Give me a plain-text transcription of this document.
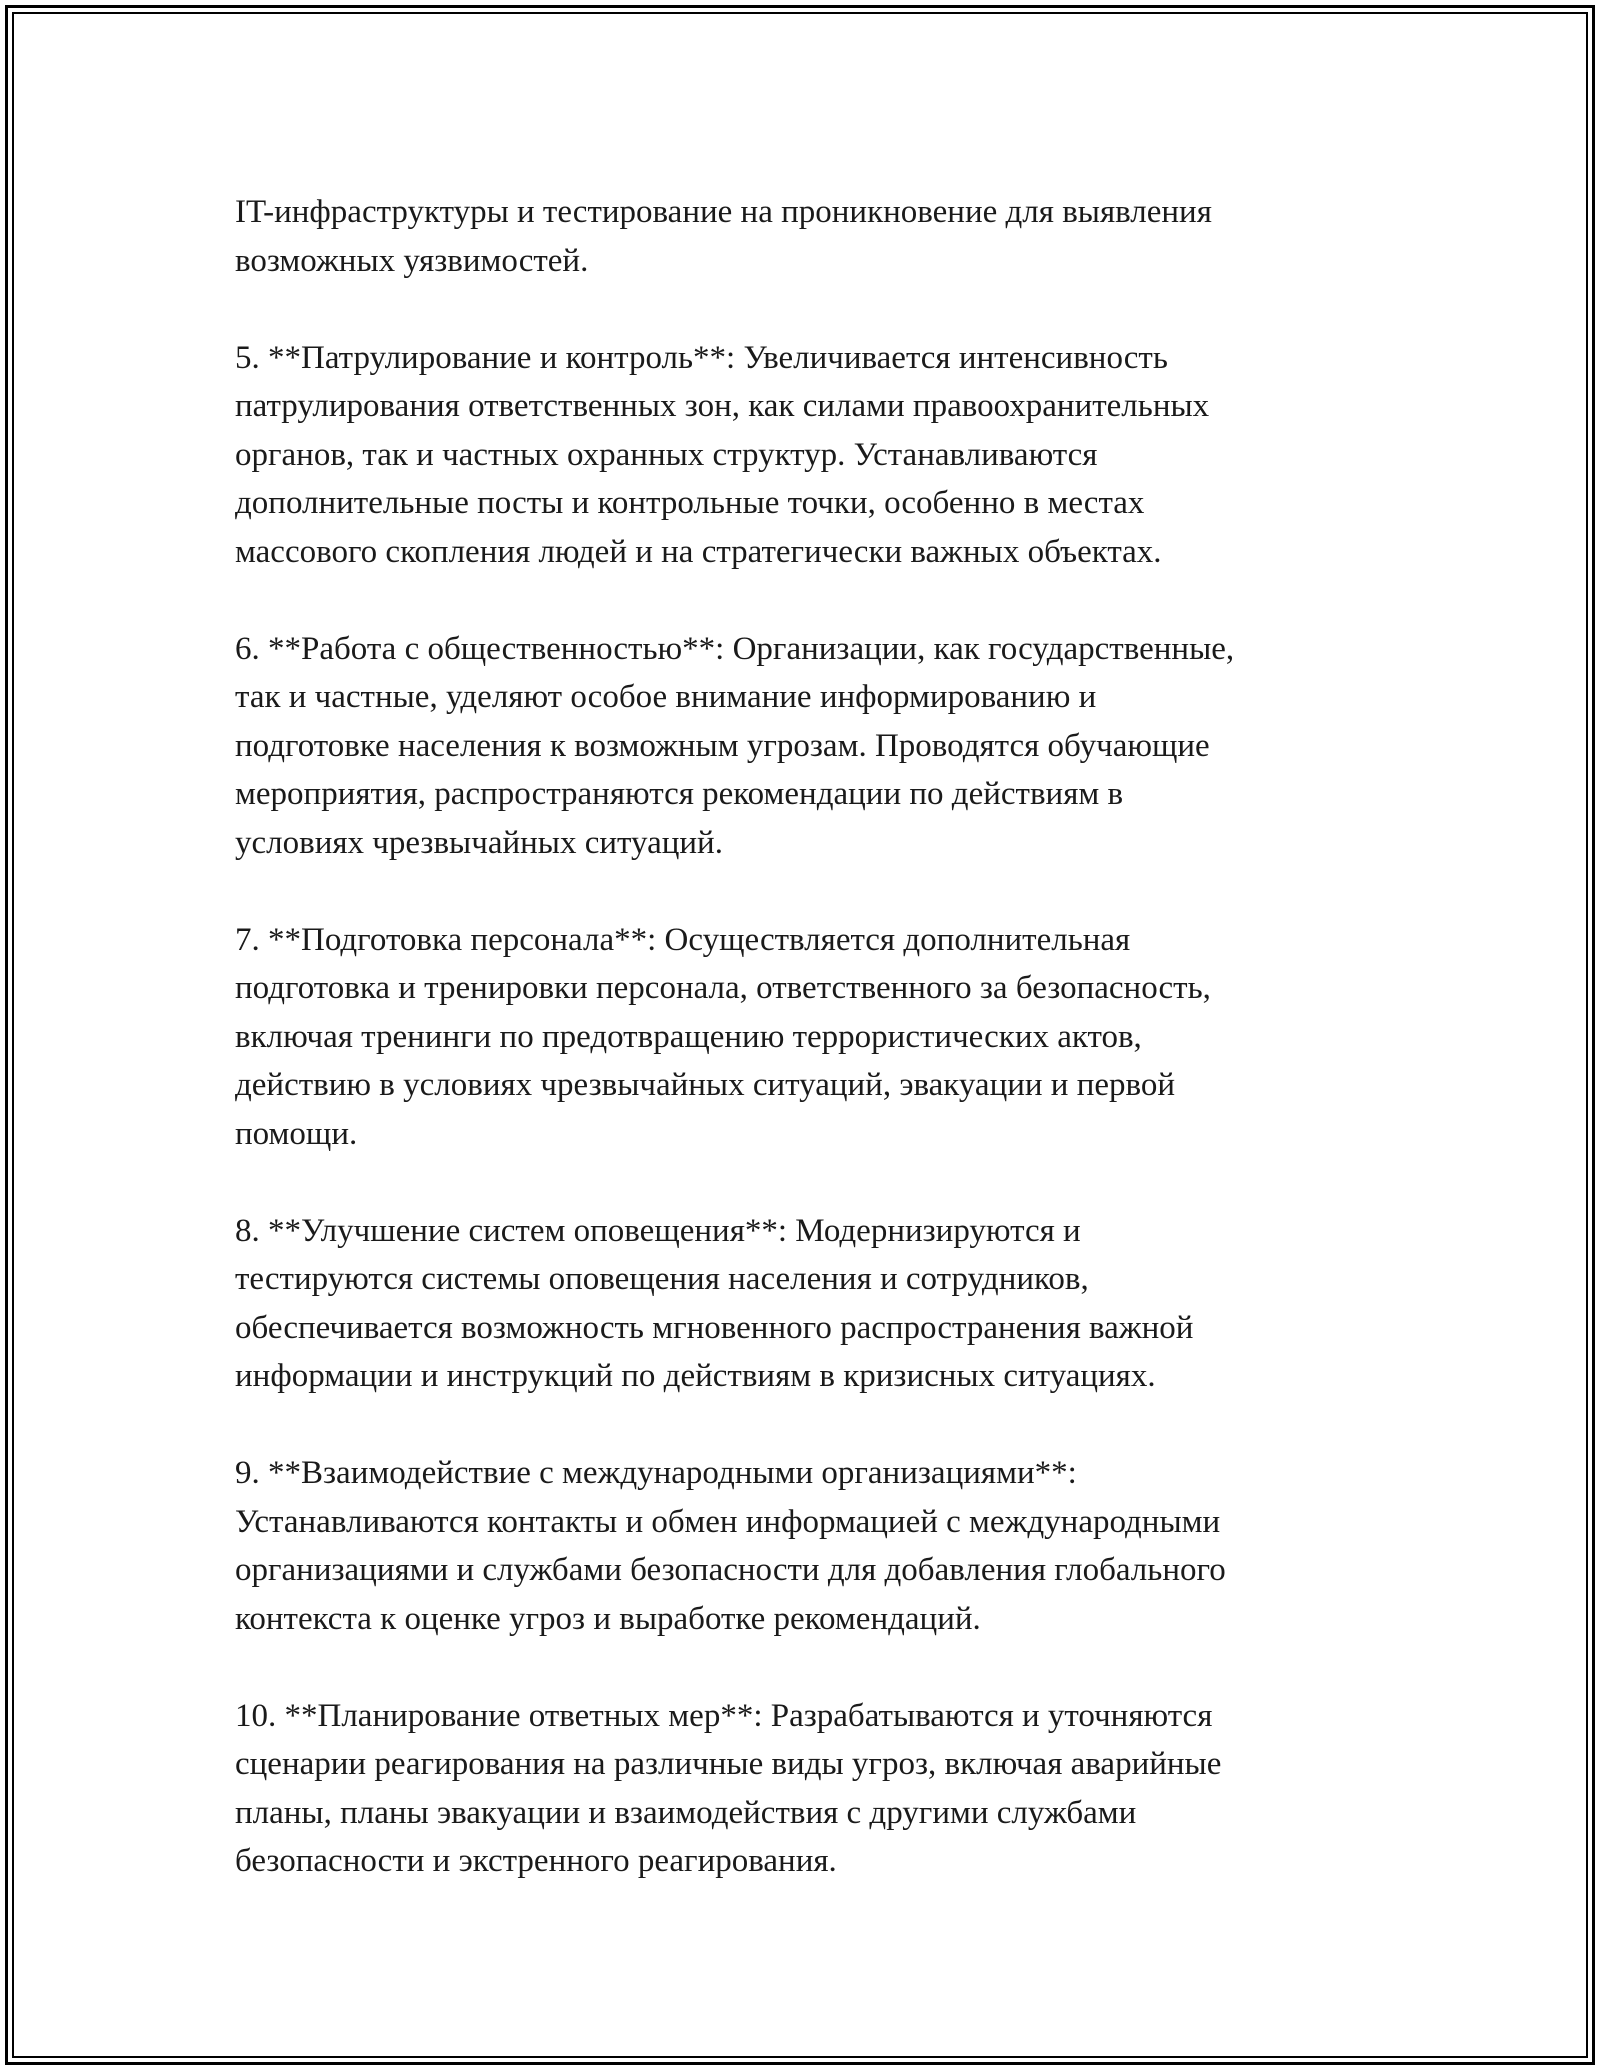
IT-инфраструктуры и тестирование на проникновение для выявления
возможных уязвимостей.

5. **Патрулирование и контроль**: Увеличивается интенсивность
патрулирования ответственных зон, как силами правоохранительных
органов, так и частных охранных структур. Устанавливаются
дополнительные посты и контрольные точки, особенно в местах
массового скопления людей и на стратегически важных объектах.

6. **Работа с общественностью**: Организации, как государственные,
так и частные, уделяют особое внимание информированию и
подготовке населения к возможным угрозам. Проводятся обучающие
мероприятия, распространяются рекомендации по действиям в
условиях чрезвычайных ситуаций.

7. **Подготовка персонала**: Осуществляется дополнительная
подготовка и тренировки персонала, ответственного за безопасность,
включая тренинги по предотвращению террористических актов,
действию в условиях чрезвычайных ситуаций, эвакуации и первой
помощи.

8. **Улучшение систем оповещения**: Модернизируются и
тестируются системы оповещения населения и сотрудников,
обеспечивается возможность мгновенного распространения важной
информации и инструкций по действиям в кризисных ситуациях.

9. **Взаимодействие с международными организациями**:
Устанавливаются контакты и обмен информацией с международными
организациями и службами безопасности для добавления глобального
контекста к оценке угроз и выработке рекомендаций.

10. **Планирование ответных мер**: Разрабатываются и уточняются
сценарии реагирования на различные виды угроз, включая аварийные
планы, планы эвакуации и взаимодействия с другими службами
безопасности и экстренного реагирования.
